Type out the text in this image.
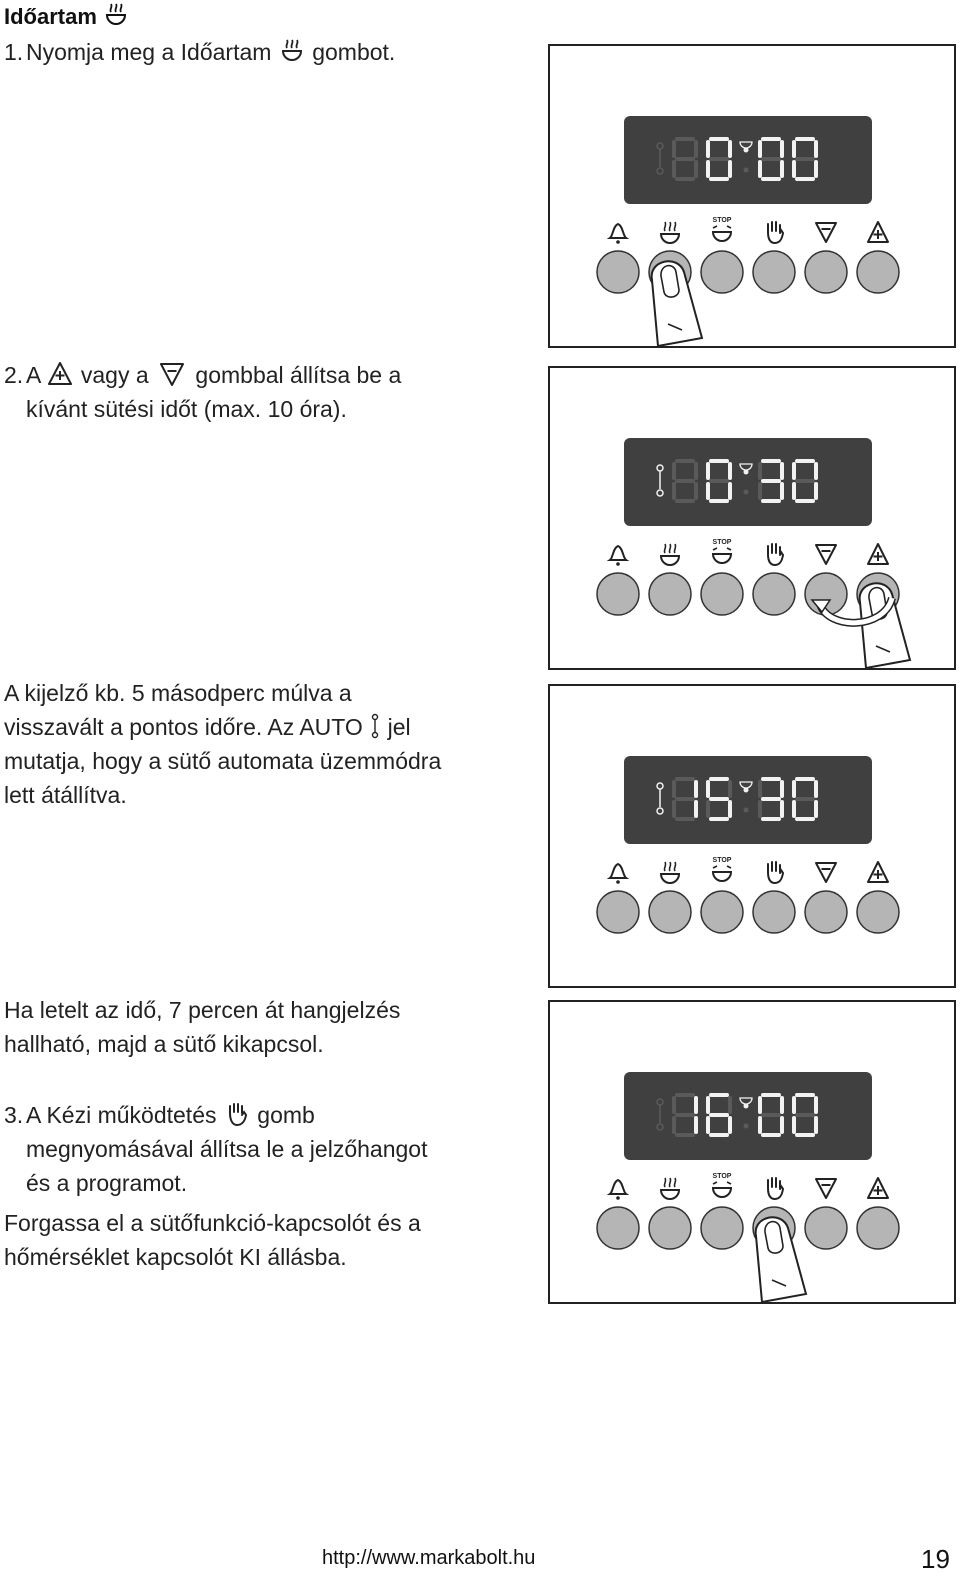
Időartam
1. Nyomja meg a Időartam gombot.
2. A vagy a gombbal állítsa be a
kívánt sütési időt (max. 10 óra).
A kijelző kb. 5 másodperc múlva a
visszavált a pontos időre. Az AUTO jel
mutatja, hogy a sütő automata üzemmódra
lett átállítva.
Ha letelt az idő, 7 percen át hangjelzés
hallható, majd a sütő kikapcsol.
3. A Kézi működtetés gomb
megnyomásával állítsa le a jelzőhangot
és a programot.
Forgassa el a sütőfunkció-kapcsolót és a
hőmérséklet kapcsolót KI állásba.
STOP
STOP
STOP
STOP
http://www.markabolt.hu	19
